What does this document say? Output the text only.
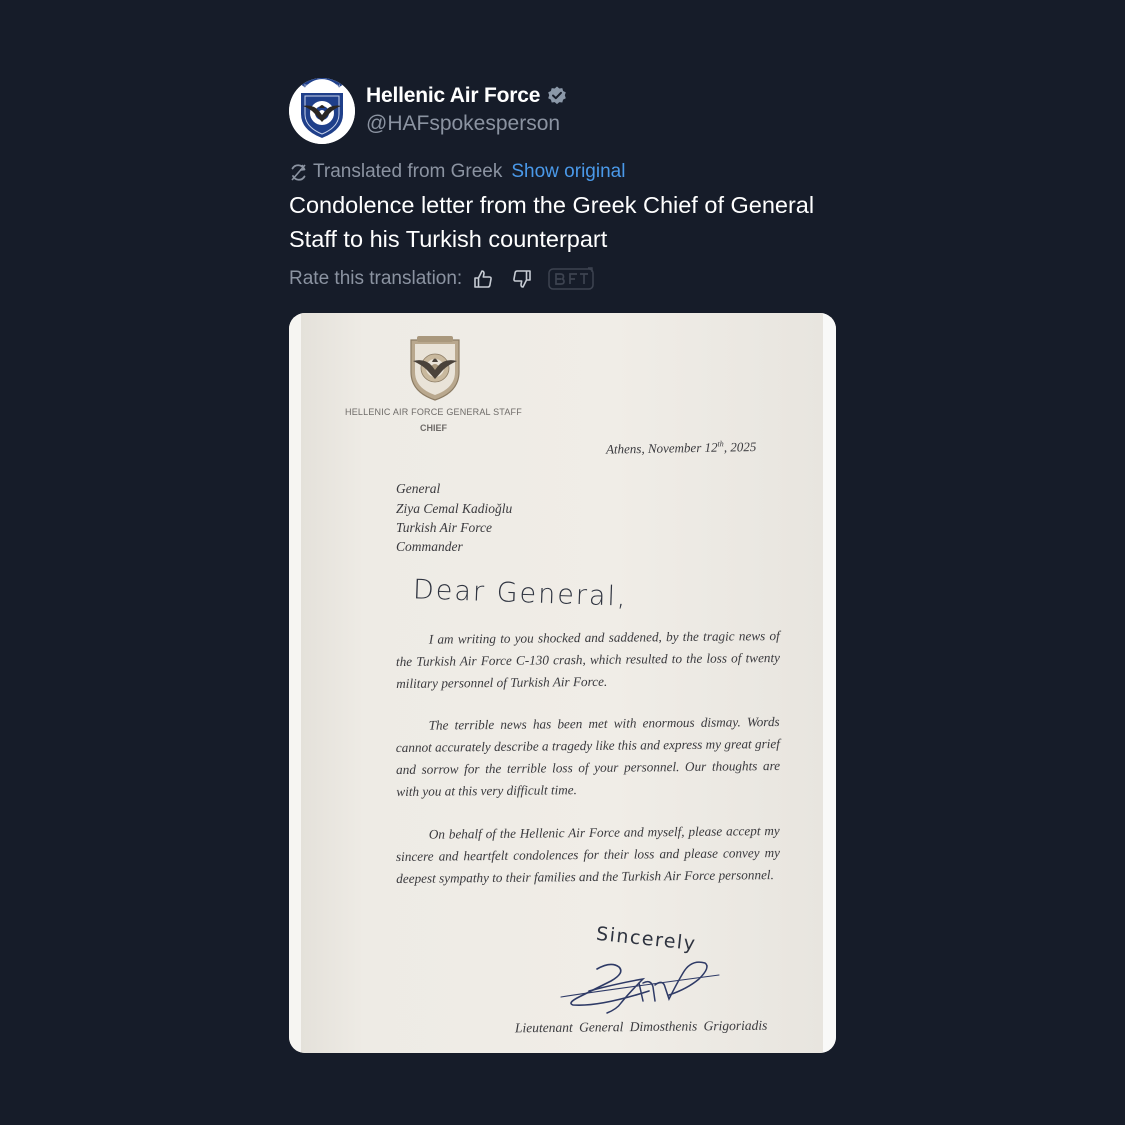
ΠΟΛΕΜΙΚΗ ΑΕΡΟΠΟΡΙΑ Hellenic Air Force
@HAFspokesperson
Translated from Greek Show original
Condolence letter from the Greek Chief of General Staff to his Turkish counterpart
Rate this translation:
HELLENIC AIR FORCE GENERAL STAFF
CHIEF
Athens, November 12th, 2025
General
Ziya Cemal Kadioğlu
Turkish Air Force
Commander
Dear General,
I am writing to you shocked and saddened, by the tragic news of the Turkish Air Force C-130 crash, which resulted to the loss of twenty military personnel of Turkish Air Force.
The terrible news has been met with enormous dismay. Words cannot accurately describe a tragedy like this and express my great grief and sorrow for the terrible loss of your personnel. Our thoughts are with you at this very difficult time.
On behalf of the Hellenic Air Force and myself, please accept my sincere and heartfelt condolences for their loss and please convey my deepest sympathy to their families and the Turkish Air Force personnel.
Sincerely
Lieutenant General Dimosthenis Grigoriadis
